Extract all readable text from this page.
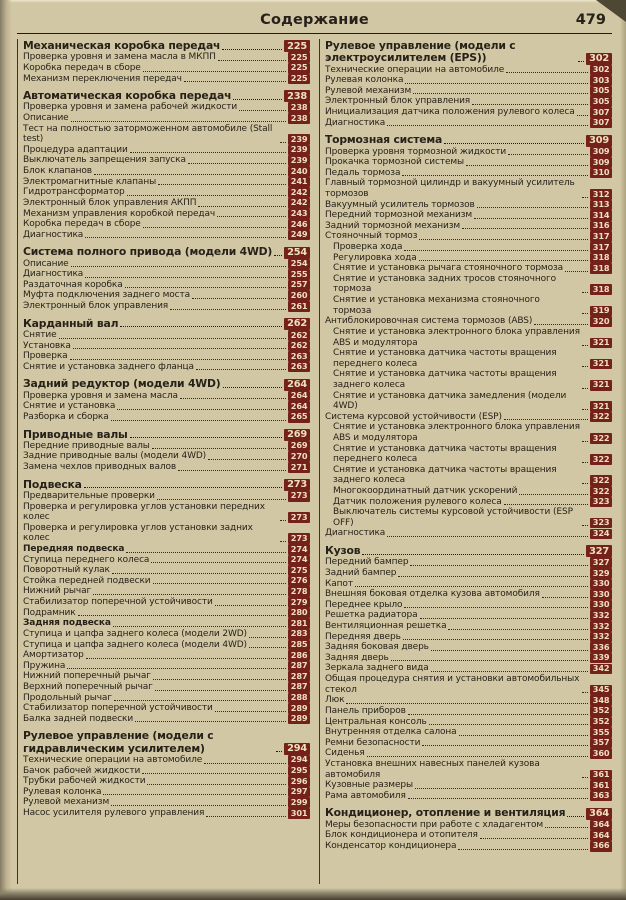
Содержание	479
Механическая коробка передач	225
Проверка уровня и замена масла в МКПП	225
Коробка передач в сборе	225
Механизм переключения передач	225
Автоматическая коробка передач	238
Проверка уровня и замена рабочей жидкости	238
Описание	238
Тест на полностью заторможенном автомобиле (Stall test)	239
Процедура адаптации	239
Выключатель запрещения запуска	239
Блок клапанов	240
Электромагнитные клапаны	241
Гидротрансформатор	242
Электронный блок управления АКПП	242
Механизм управления коробкой передач	243
Коробка передач в сборе	246
Диагностика	249
Система полного привода (модели 4WD)	254
Описание	254
Диагностика	255
Раздаточная коробка	257
Муфта подключения заднего моста	260
Электронный блок управления	261
Карданный вал	262
Снятие	262
Установка	262
Проверка	263
Снятие и установка заднего фланца	263
Задний редуктор (модели 4WD)	264
Проверка уровня и замена масла	264
Снятие и установка	264
Разборка и сборка	265
Приводные валы	269
Передние приводные валы	269
Задние приводные валы (модели 4WD)	270
Замена чехлов приводных валов	271
Подвеска	273
Предварительные проверки	273
Проверка и регулировка углов установки передних колес	273
Проверка и регулировка углов установки задних колес	273
Передняя подвеска	274
Ступица переднего колеса	274
Поворотный кулак	275
Стойка передней подвески	276
Нижний рычаг	278
Стабилизатор поперечной устойчивости	279
Подрамник	280
Задняя подвеска	281
Ступица и цапфа заднего колеса (модели 2WD)	283
Ступица и цапфа заднего колеса (модели 4WD)	285
Амортизатор	286
Пружина	287
Нижний поперечный рычаг	287
Верхний поперечный рычаг	287
Продольный рычаг	288
Стабилизатор поперечной устойчивости	289
Балка задней подвески	289
Рулевое управление (модели с гидравлическим усилителем)	294
Технические операции на автомобиле	294
Бачок рабочей жидкости	295
Трубки рабочей жидкости	296
Рулевая колонка	297
Рулевой механизм	299
Насос усилителя рулевого управления	301
Рулевое управление (модели с электроусилителем (EPS))	302
Технические операции на автомобиле	302
Рулевая колонка	303
Рулевой механизм	305
Электронный блок управления	305
Инициализация датчика положения рулевого колеса	307
Диагностика	307
Тормозная система	309
Проверка уровня тормозной жидкости	309
Прокачка тормозной системы	309
Педаль тормоза	310
Главный тормозной цилиндр и вакуумный усилитель тормозов	312
Вакуумный усилитель тормозов	313
Передний тормозной механизм	314
Задний тормозной механизм	316
Стояночный тормоз	317
Проверка хода	317
Регулировка хода	318
Снятие и установка рычага стояночного тормоза	318
Снятие и установка задних тросов стояночного тормоза	318
Снятие и установка механизма стояночного тормоза	319
Антиблокировочная система тормозов (ABS)	320
Снятие и установка электронного блока управления ABS и модулятора	321
Снятие и установка датчика частоты вращения переднего колеса	321
Снятие и установка датчика частоты вращения заднего колеса	321
Снятие и установка датчика замедления (модели 4WD)	321
Система курсовой устойчивости (ESP)	322
Снятие и установка электронного блока управления ABS и модулятора	322
Снятие и установка датчика частоты вращения переднего колеса	322
Снятие и установка датчика частоты вращения заднего колеса	322
Многокоординатный датчик ускорений	322
Датчик положения рулевого колеса	323
Выключатель системы курсовой устойчивости (ESP OFF)	323
Диагностика	324
Кузов	327
Передний бампер	327
Задний бампер	329
Капот	330
Внешняя боковая отделка кузова автомобиля	330
Переднее крыло	330
Решетка радиатора	332
Вентиляционная решетка	332
Передняя дверь	332
Задняя боковая дверь	336
Задняя дверь	339
Зеркала заднего вида	342
Общая процедура снятия и установки автомобильных стекол	345
Люк	348
Панель приборов	352
Центральная консоль	352
Внутренняя отделка салона	355
Ремни безопасности	357
Сиденья	360
Установка внешних навесных панелей кузова автомобиля	361
Кузовные размеры	361
Рама автомобиля	363
Кондиционер, отопление и вентиляция	364
Меры безопасности при работе с хладагентом	364
Блок кондиционера и отопителя	364
Конденсатор кондиционера	366
